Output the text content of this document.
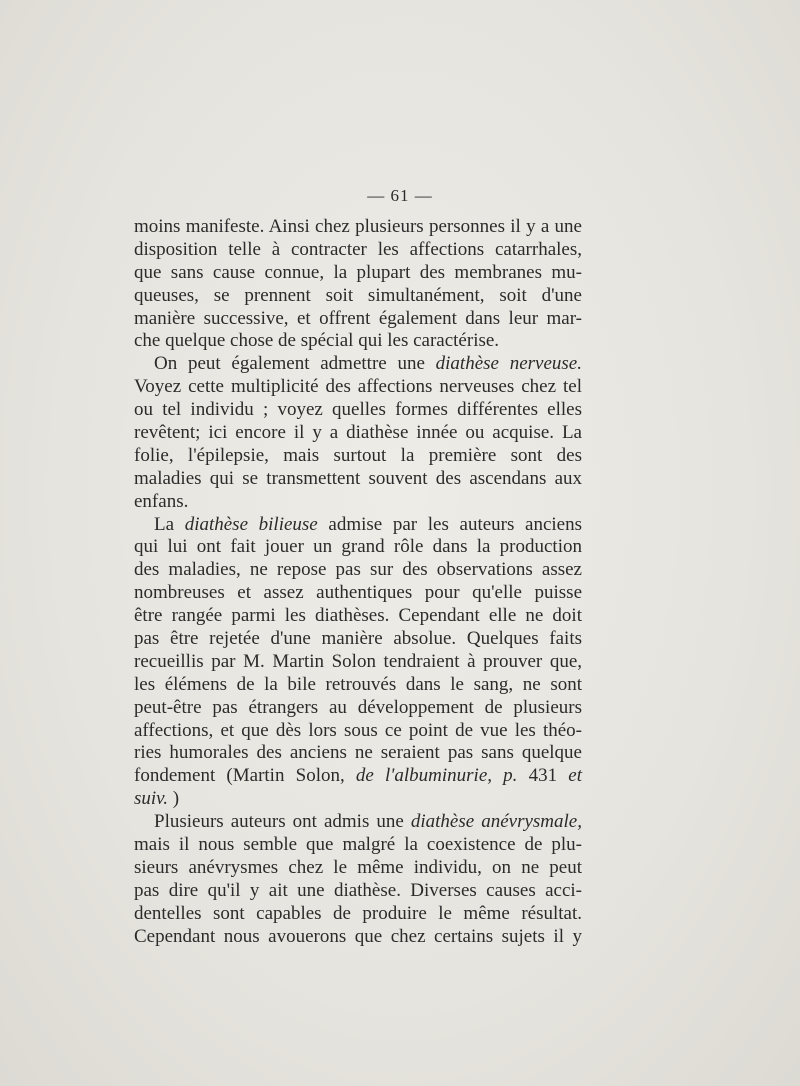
— 61 —
moins manifeste. Ainsi chez plusieurs personnes il y a une
disposition telle à contracter les affections catarrhales,
que sans cause connue, la plupart des membranes mu-
queuses, se prennent soit simultanément, soit d'une
manière successive, et offrent également dans leur mar-
che quelque chose de spécial qui les caractérise.
On peut également admettre une diathèse nerveuse.
Voyez cette multiplicité des affections nerveuses chez tel
ou tel individu ; voyez quelles formes différentes elles
revêtent; ici encore il y a diathèse innée ou acquise. La
folie, l'épilepsie, mais surtout la première sont des
maladies qui se transmettent souvent des ascendans aux
enfans.
La diathèse bilieuse admise par les auteurs anciens
qui lui ont fait jouer un grand rôle dans la production
des maladies, ne repose pas sur des observations assez
nombreuses et assez authentiques pour qu'elle puisse
être rangée parmi les diathèses. Cependant elle ne doit
pas être rejetée d'une manière absolue. Quelques faits
recueillis par M. Martin Solon tendraient à prouver que,
les élémens de la bile retrouvés dans le sang, ne sont
peut-être pas étrangers au développement de plusieurs
affections, et que dès lors sous ce point de vue les théo-
ries humorales des anciens ne seraient pas sans quelque
fondement (Martin Solon, de l'albuminurie, p. 431 et
suiv. )
Plusieurs auteurs ont admis une diathèse anévrysmale,
mais il nous semble que malgré la coexistence de plu-
sieurs anévrysmes chez le même individu, on ne peut
pas dire qu'il y ait une diathèse. Diverses causes acci-
dentelles sont capables de produire le même résultat.
Cependant nous avouerons que chez certains sujets il y
